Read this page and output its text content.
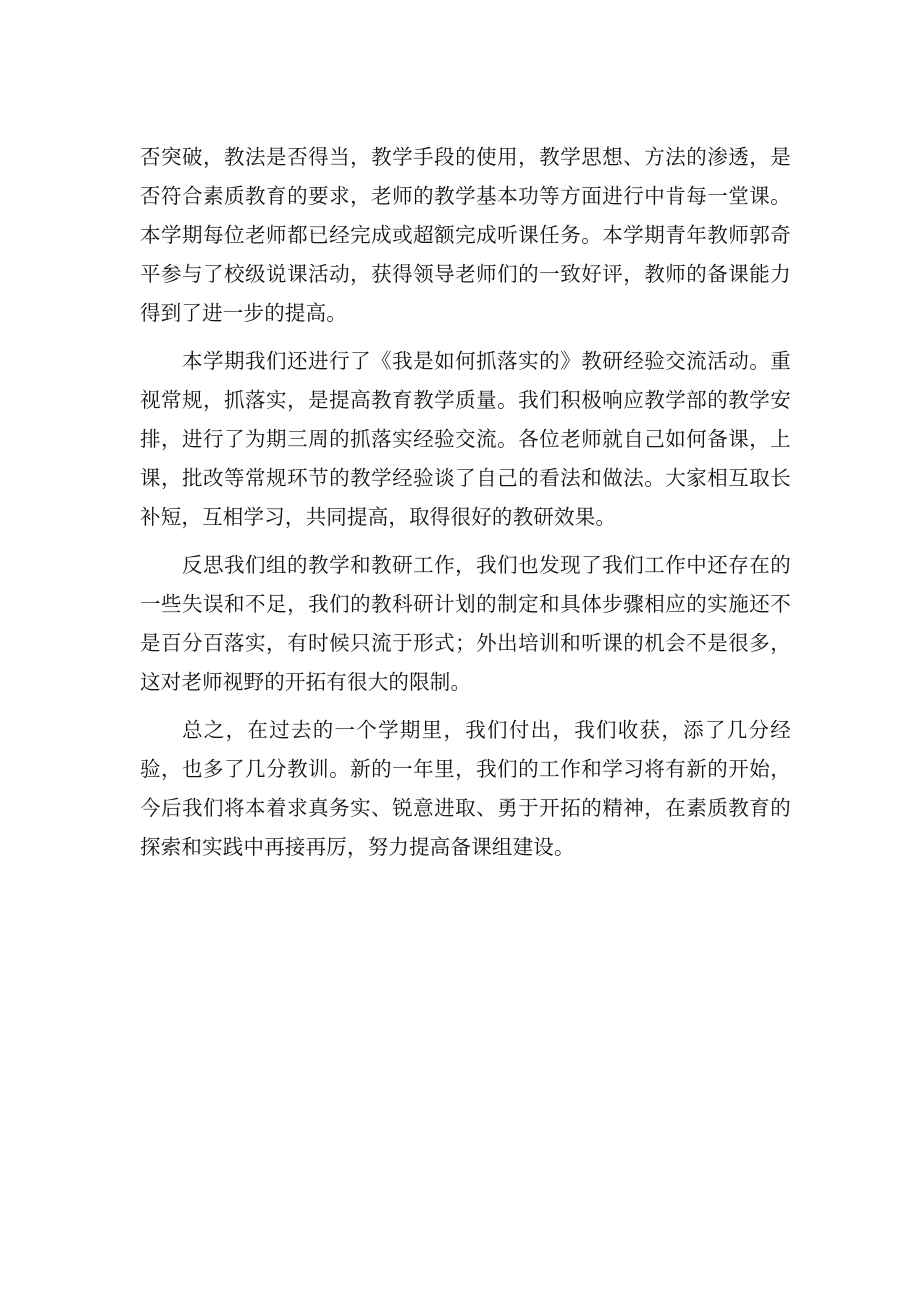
否突破，教法是否得当，教学手段的使用，教学思想、方法的渗透，是否符合素质教育的要求，老师的教学基本功等方面进行中肯每一堂课。本学期每位老师都已经完成或超额完成听课任务。本学期青年教师郭奇平参与了校级说课活动，获得领导老师们的一致好评，教师的备课能力得到了进一步的提高。

本学期我们还进行了《我是如何抓落实的》教研经验交流活动。重视常规，抓落实，是提高教育教学质量。我们积极响应教学部的教学安排，进行了为期三周的抓落实经验交流。各位老师就自己如何备课，上课，批改等常规环节的教学经验谈了自己的看法和做法。大家相互取长补短，互相学习，共同提高，取得很好的教研效果。

反思我们组的教学和教研工作，我们也发现了我们工作中还存在的一些失误和不足，我们的教科研计划的制定和具体步骤相应的实施还不是百分百落实，有时候只流于形式；外出培训和听课的机会不是很多，这对老师视野的开拓有很大的限制。

总之，在过去的一个学期里，我们付出，我们收获，添了几分经验，也多了几分教训。新的一年里，我们的工作和学习将有新的开始，今后我们将本着求真务实、锐意进取、勇于开拓的精神，在素质教育的探索和实践中再接再厉，努力提高备课组建设。
